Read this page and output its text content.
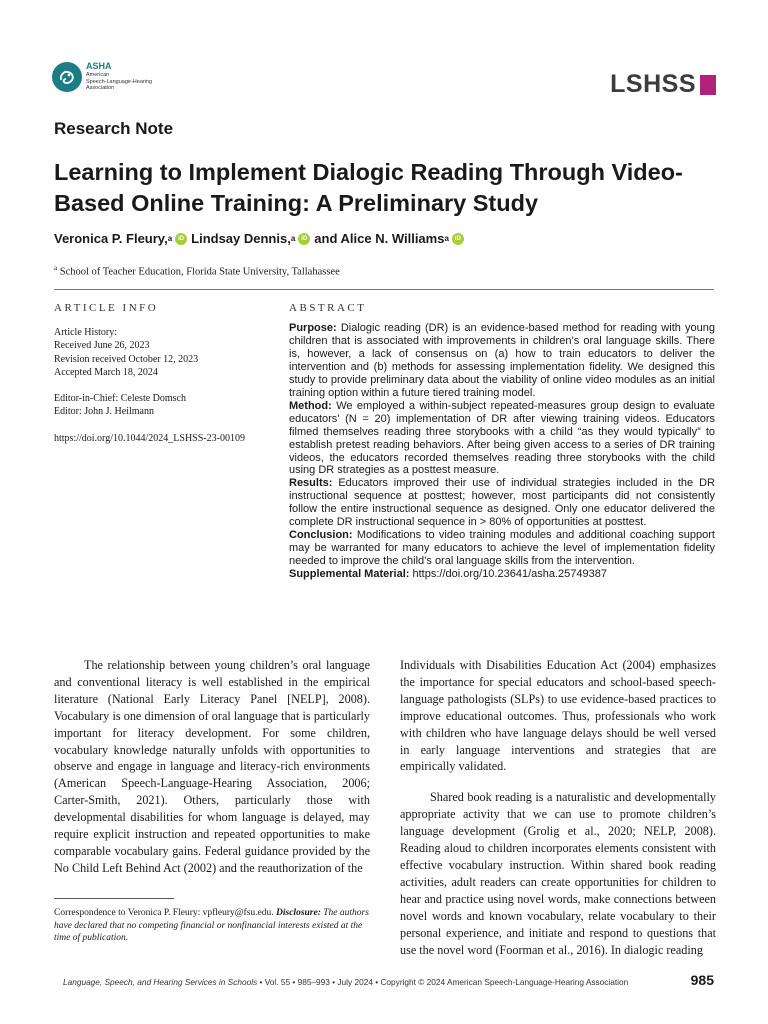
ASHA
American
Speech-Language-Hearing
Association	LSHSS
Research Note
Learning to Implement Dialogic Reading Through Video-Based Online Training: A Preliminary Study
Veronica P. Fleury, a	iD Lindsay Dennis, a	iD and Alice N. Williams a	iD
$^a$ School of Teacher Education, Florida State University, Tallahassee
ARTICLE INFO
Article History:
Received June 26, 2023
Revision received October 12, 2023
Accepted March 18, 2024
Editor-in-Chief: Celeste Domsch
Editor: John J. Heilmann
https://doi.org/10.1044/2024_LSHSS-23-00109
ABSTRACT

Purpose: Dialogic reading (DR) is an evidence-based method for reading with young children that is associated with improvements in children’s oral language skills. There is, however, a lack of consensus on (a) how to train educators to deliver the intervention and (b) methods for assessing implementation fidelity. We designed this study to provide preliminary data about the viability of online video modules as an initial training option within a future tiered training model.

Method: We employed a within-subject repeated-measures group design to evaluate educators’ (N = 20) implementation of DR after viewing training videos. Educators filmed themselves reading three storybooks with a child “as they would typically” to establish pretest reading behaviors. After being given access to a series of DR training videos, the educators recorded themselves reading three storybooks with the child using DR strategies as a posttest measure.

Results: Educators improved their use of individual strategies included in the DR instructional sequence at posttest; however, most participants did not consistently follow the entire instructional sequence as designed. Only one educator delivered the complete DR instructional sequence in > 80% of opportunities at posttest.

Conclusion: Modifications to video training modules and additional coaching support may be warranted for many educators to achieve the level of implementation fidelity needed to improve the child’s oral language skills from the intervention.

Supplemental Material: https://doi.org/10.23641/asha.25749387

The relationship between young children’s oral language and conventional literacy is well established in the empirical literature (National Early Literacy Panel [NELP], 2008). Vocabulary is one dimension of oral language that is particularly important for literacy development. For some children, vocabulary knowledge naturally unfolds with opportunities to observe and engage in language and literacy-rich environments (American Speech-Language-Hearing Association, 2006; Carter-Smith, 2021). Others, particularly those with developmental disabilities for whom language is delayed, may require explicit instruction and repeated opportunities to make comparable vocabulary gains. Federal guidance provided by the No Child Left Behind Act (2002) and the reauthorization of the

Individuals with Disabilities Education Act (2004) emphasizes the importance for special educators and school-based speech-language pathologists (SLPs) to use evidence-based practices to improve educational outcomes. Thus, professionals who work with children who have language delays should be well versed in early language interventions and strategies that are empirically validated.

Shared book reading is a naturalistic and developmentally appropriate activity that we can use to promote children’s language development (Grolig et al., 2020; NELP, 2008). Reading aloud to children incorporates elements consistent with effective vocabulary instruction. Within shared book reading activities, adult readers can create opportunities for children to hear and practice using novel words, make connections between novel words and known vocabulary, relate vocabulary to their personal experience, and initiate and respond to questions that use the novel word (Foorman et al., 2016). In dialogic reading

Correspondence to Veronica P. Fleury: vpfleury@fsu.edu. Disclosure: The authors have declared that no competing financial or nonfinancial interests existed at the time of publication.
Language, Speech, and Hearing Services in Schools • Vol. 55 • 985–993 • July 2024 • Copyright © 2024 American Speech-Language-Hearing Association	985
